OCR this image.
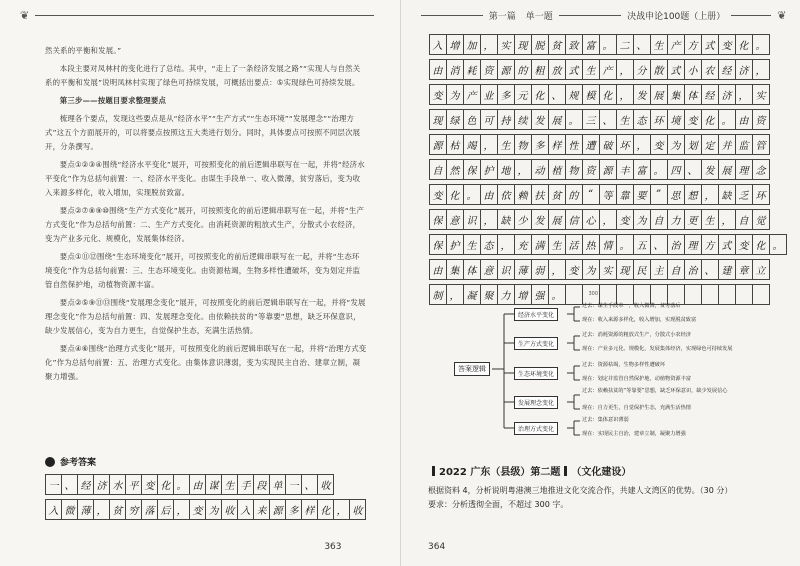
❦
然关系的平衡和发展。”

本段主要对凤林村的变化进行了总结。其中，“走上了一条经济发展之路”“实现人与自然关系的平衡和发展”说明凤林村实现了绿色可持续发展，可概括出要点：⑤实现绿色可持续发展。

第三步——按题目要求整理要点

梳理各个要点，发现这些要点是从“经济水平”“生产方式”“生态环境”“发展理念”“治理方式”这五个方面展开的，可以将要点按照这五大类进行划分。同时，具体要点可按照不同层次展开，分条撰写。

要点①②③④围绕“经济水平变化”展开，可按照变化的前后逻辑串联写在一起，并将“经济水平变化”作为总括句前置：一、经济水平变化。由谋生手段单一、收入微薄，贫穷落后，变为收入来源多样化，收入增加，实现脱贫致富。

要点②⑦⑧⑨⑩围绕“生产方式变化”展开，可按照变化的前后逻辑串联写在一起，并将“生产方式变化”作为总括句前置：二、生产方式变化。由消耗资源的粗放式生产，分散式小农经济，变为产业多元化、规模化，发展集体经济。

要点①⑪⑫围绕“生态环境变化”展开，可按照变化的前后逻辑串联写在一起，并将“生态环境变化”作为总括句前置：三、生态环境变化。由资源枯竭，生物多样性遭破坏，变为划定并监管自然保护地，动植物资源丰富。

要点②⑤⑨⑪⑬围绕“发展理念变化”展开，可按照变化的前后逻辑串联写在一起，并将“发展理念变化”作为总括句前置：四、发展理念变化。由依赖扶贫的“等靠要”思想，缺乏环保意识，缺少发展信心，变为自力更生，自觉保护生态，充满生活热情。

要点④⑥围绕“治理方式变化”展开，可按照变化的前后逻辑串联写在一起，并将“治理方式变化”作为总括句前置：五、治理方式变化。由集体意识薄弱，变为实现民主自治、建章立制，凝聚力增强。

参考答案
一	、	经	济	水	平	变	化	。	由	谋	生	手	段	单	一	、	收		

入	微	薄	，	贫	穷	落	后	，	变	为	收	入	来	源	多	样	化	，	收
363
第一篇 单一题	决战申论100题（上册）	❦
入	增	加	，	实	现	脱	贫	致	富	。	二	、	生	产	方	式	变	化	。	

由	消	耗	资	源	的	粗	放	式	生	产	，	分	散	式	小	农	经	济	，	

变	为	产	业	多	元	化	、	规	模	化	，	发	展	集	体	经	济	，	实	

现	绿	色	可	持	续	发	展	。	三	、	生	态	环	境	变	化	。	由	资	

源	枯	竭	，	生	物	多	样	性	遭	破	坏	，	变	为	划	定	并	监	管	

自	然	保	护	地	，	动	植	物	资	源	丰	富	。	四	、	发	展	理	念	

变	化	。	由	依	赖	扶	贫	的	“	等	靠	要	”	思	想	，	缺	乏	环	

保	意	识	，	缺	少	发	展	信	心	，	变	为	自	力	更	生	，	自	觉	

保	护	生	态	，	充	满	生	活	热	情	。	五	、	治	理	方	式	变	化	。

由	集	体	意	识	薄	弱	，	变	为	实	现	民	主	自	治	、	建	章	立	

制	，	凝	聚	力	增	强	。														300
答案逻辑
经济水平变化
过去：谋生手段单一，收入微薄，贫穷落后
现在：收入来源多样化，收入增加，实现脱贫致富
生产方式变化
过去：消耗资源的粗放式生产，分散式小农经济
现在：产业多元化、规模化，发展集体经济，实现绿色可持续发展
生态环境变化
过去：资源枯竭，生物多样性遭破坏
现在：划定并监管自然保护地，动植物资源丰富
发展理念变化
过去：依赖扶贫的“等靠要”思想，缺乏环保意识，缺少发展信心
现在：自力更生，自觉保护生态，充满生活热情
治理方式变化
过去：集体意识薄弱
现在：实现民主自治，建章立制，凝聚力增强
2022 广东（县级）第二题 （文化建设）
根据资料 4，分析说明粤港澳三地推进文化交流合作，共建人文湾区的优势。（30 分）
要求：分析透彻全面，不超过 300 字。
364
